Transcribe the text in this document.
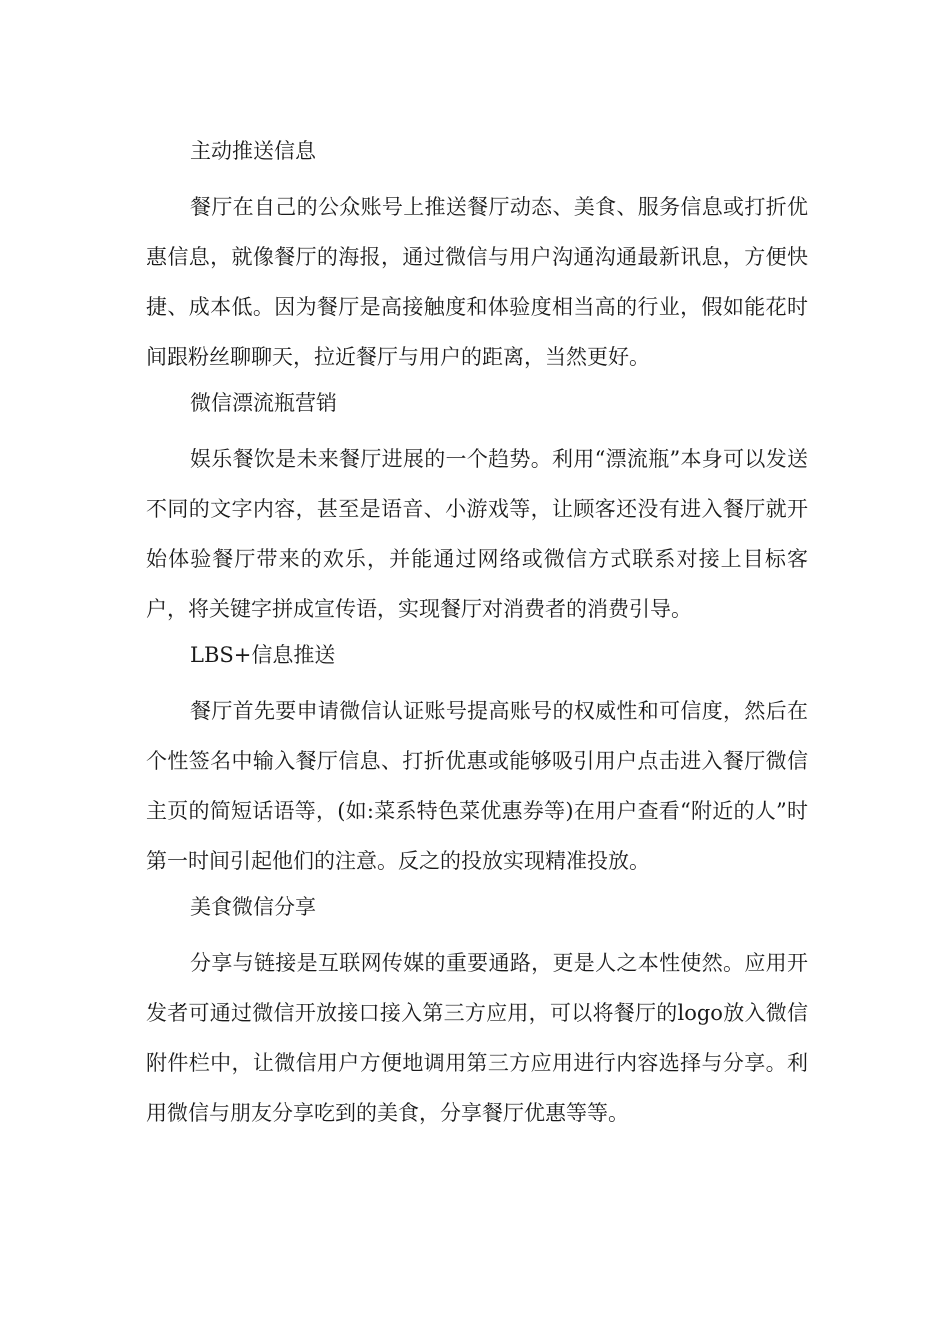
主动推送信息
餐厅在自己的公众账号上推送餐厅动态、美食、服务信息或打折优惠信息，就像餐厅的海报，通过微信与用户沟通沟通最新讯息，方便快捷、成本低。因为餐厅是高接触度和体验度相当高的行业，假如能花时间跟粉丝聊聊天，拉近餐厅与用户的距离，当然更好。
微信漂流瓶营销
娱乐餐饮是未来餐厅进展的一个趋势。利用“漂流瓶”本身可以发送不同的文字内容，甚至是语音、小游戏等，让顾客还没有进入餐厅就开始体验餐厅带来的欢乐，并能通过网络或微信方式联系对接上目标客户，将关键字拼成宣传语，实现餐厅对消费者的消费引导。
LBS+信息推送
餐厅首先要申请微信认证账号提高账号的权威性和可信度，然后在个性签名中输入餐厅信息、打折优惠或能够吸引用户点击进入餐厅微信主页的简短话语等，(如:菜系特色菜优惠券等)在用户查看“附近的人”时第一时间引起他们的注意。反之的投放实现精准投放。
美食微信分享
分享与链接是互联网传媒的重要通路，更是人之本性使然。应用开发者可通过微信开放接口接入第三方应用，可以将餐厅的logo放入微信附件栏中，让微信用户方便地调用第三方应用进行内容选择与分享。利用微信与朋友分享吃到的美食，分享餐厅优惠等等。
